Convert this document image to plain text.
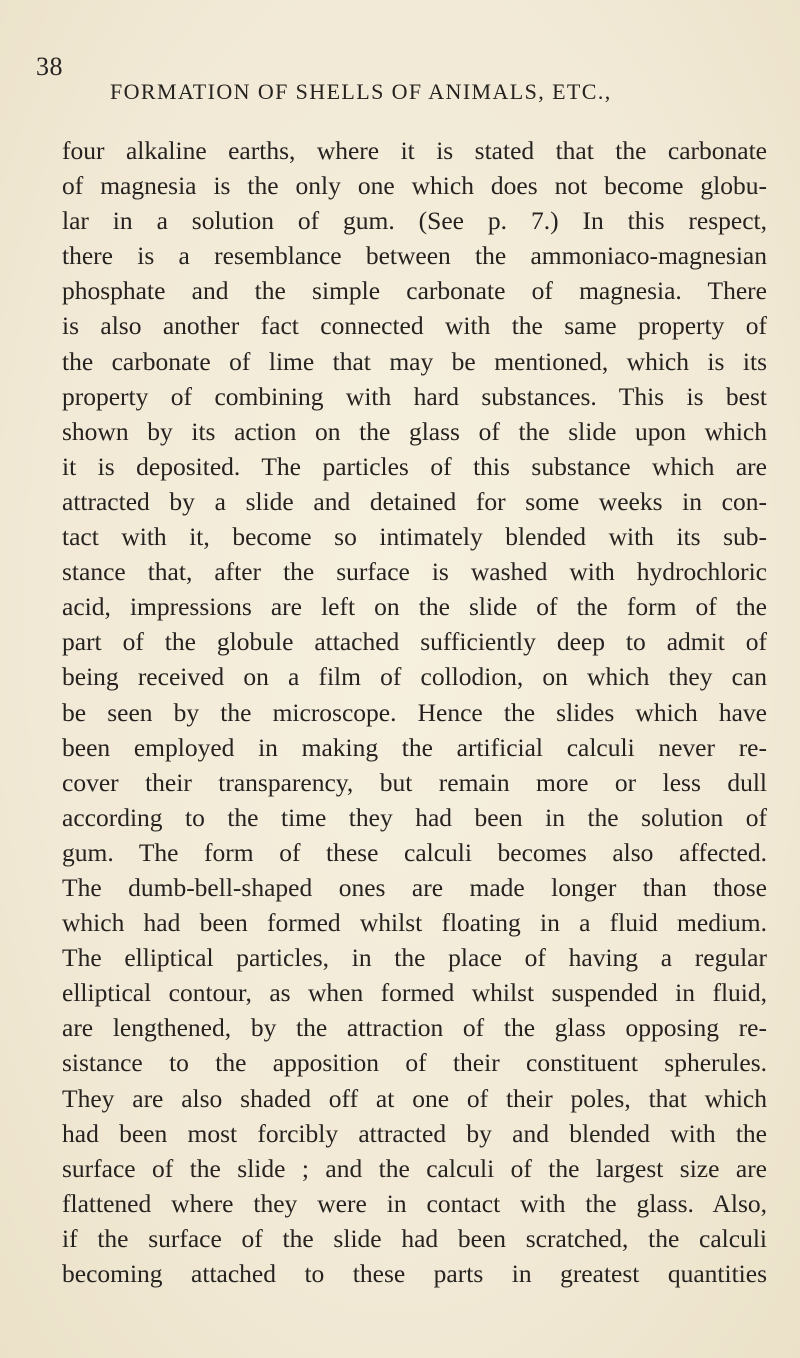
38
FORMATION OF SHELLS OF ANIMALS, ETC.,
four alkaline earths, where it is stated that the carbonate
of magnesia is the only one which does not become globu-
lar in a solution of gum. (See p. 7.) In this respect,
there is a resemblance between the ammoniaco-magnesian
phosphate and the simple carbonate of magnesia. There
is also another fact connected with the same property of
the carbonate of lime that may be mentioned, which is its
property of combining with hard substances. This is best
shown by its action on the glass of the slide upon which
it is deposited. The particles of this substance which are
attracted by a slide and detained for some weeks in con-
tact with it, become so intimately blended with its sub-
stance that, after the surface is washed with hydrochloric
acid, impressions are left on the slide of the form of the
part of the globule attached sufficiently deep to admit of
being received on a film of collodion, on which they can
be seen by the microscope. Hence the slides which have
been employed in making the artificial calculi never re-
cover their transparency, but remain more or less dull
according to the time they had been in the solution of
gum. The form of these calculi becomes also affected.
The dumb-bell-shaped ones are made longer than those
which had been formed whilst floating in a fluid medium.
The elliptical particles, in the place of having a regular
elliptical contour, as when formed whilst suspended in fluid,
are lengthened, by the attraction of the glass opposing re-
sistance to the apposition of their constituent spherules.
They are also shaded off at one of their poles, that which
had been most forcibly attracted by and blended with the
surface of the slide ; and the calculi of the largest size are
flattened where they were in contact with the glass. Also,
if the surface of the slide had been scratched, the calculi
becoming attached to these parts in greatest quantities
